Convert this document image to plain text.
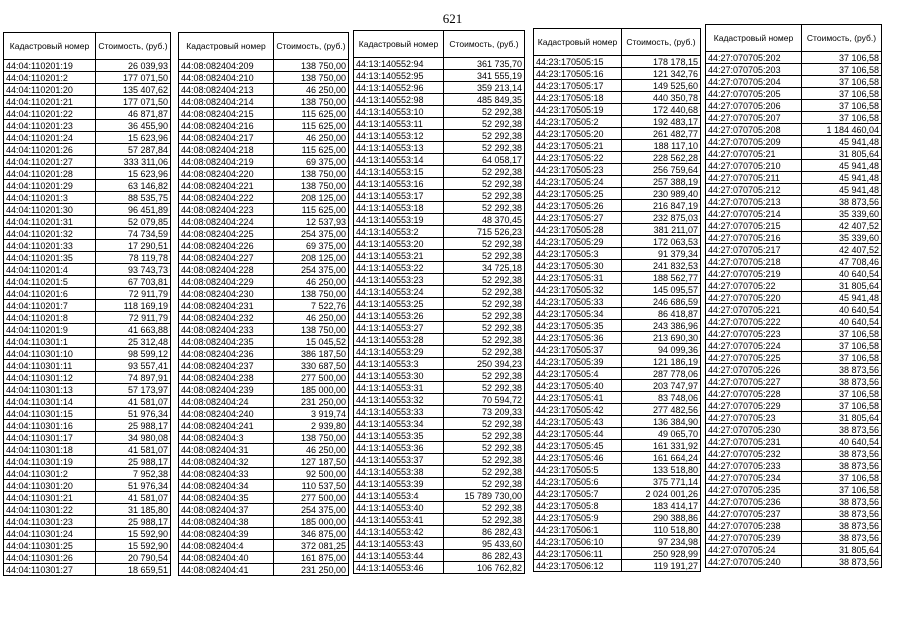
621
Кадастровый номер	Стоимость, (руб.)
44:04:110201:19	26 039,93
44:04:110201:2	177 071,50
44:04:110201:20	135 407,62
44:04:110201:21	177 071,50
44:04:110201:22	46 871,87
44:04:110201:23	36 455,90
44:04:110201:24	15 623,96
44:04:110201:26	57 287,84
44:04:110201:27	333 311,06
44:04:110201:28	15 623,96
44:04:110201:29	63 146,82
44:04:110201:3	88 535,75
44:04:110201:30	96 451,89
44:04:110201:31	52 079,85
44:04:110201:32	74 734,59
44:04:110201:33	17 290,51
44:04:110201:35	78 119,78
44:04:110201:4	93 743,73
44:04:110201:5	67 703,81
44:04:110201:6	72 911,79
44:04:110201:7	118 169,19
44:04:110201:8	72 911,79
44:04:110201:9	41 663,88
44:04:110301:1	25 312,48
44:04:110301:10	98 599,12
44:04:110301:11	93 557,41
44:04:110301:12	74 897,91
44:04:110301:13	57 173,97
44:04:110301:14	41 581,07
44:04:110301:15	51 976,34
44:04:110301:16	25 988,17
44:04:110301:17	34 980,08
44:04:110301:18	41 581,07
44:04:110301:19	25 988,17
44:04:110301:2	7 952,38
44:04:110301:20	51 976,34
44:04:110301:21	41 581,07
44:04:110301:22	31 185,80
44:04:110301:23	25 988,17
44:04:110301:24	15 592,90
44:04:110301:25	15 592,90
44:04:110301:26	20 790,54
44:04:110301:27	18 659,51
Кадастровый номер	Стоимость, (руб.)
44:08:082404:209	138 750,00
44:08:082404:210	138 750,00
44:08:082404:213	46 250,00
44:08:082404:214	138 750,00
44:08:082404:215	115 625,00
44:08:082404:216	115 625,00
44:08:082404:217	46 250,00
44:08:082404:218	115 625,00
44:08:082404:219	69 375,00
44:08:082404:220	138 750,00
44:08:082404:221	138 750,00
44:08:082404:222	208 125,00
44:08:082404:223	115 625,00
44:08:082404:224	12 537,93
44:08:082404:225	254 375,00
44:08:082404:226	69 375,00
44:08:082404:227	208 125,00
44:08:082404:228	254 375,00
44:08:082404:229	46 250,00
44:08:082404:230	138 750,00
44:08:082404:231	7 522,76
44:08:082404:232	46 250,00
44:08:082404:233	138 750,00
44:08:082404:235	15 045,52
44:08:082404:236	386 187,50
44:08:082404:237	330 687,50
44:08:082404:238	277 500,00
44:08:082404:239	185 000,00
44:08:082404:24	231 250,00
44:08:082404:240	3 919,74
44:08:082404:241	2 939,80
44:08:082404:3	138 750,00
44:08:082404:31	46 250,00
44:08:082404:32	127 187,50
44:08:082404:33	92 500,00
44:08:082404:34	110 537,50
44:08:082404:35	277 500,00
44:08:082404:37	254 375,00
44:08:082404:38	185 000,00
44:08:082404:39	346 875,00
44:08:082404:4	372 081,25
44:08:082404:40	161 875,00
44:08:082404:41	231 250,00
Кадастровый номер	Стоимость, (руб.)
44:13:140552:94	361 735,70
44:13:140552:95	341 555,19
44:13:140552:96	359 213,14
44:13:140552:98	485 849,35
44:13:140553:10	52 292,38
44:13:140553:11	52 292,38
44:13:140553:12	52 292,38
44:13:140553:13	52 292,38
44:13:140553:14	64 058,17
44:13:140553:15	52 292,38
44:13:140553:16	52 292,38
44:13:140553:17	52 292,38
44:13:140553:18	52 292,38
44:13:140553:19	48 370,45
44:13:140553:2	715 526,23
44:13:140553:20	52 292,38
44:13:140553:21	52 292,38
44:13:140553:22	34 725,18
44:13:140553:23	52 292,38
44:13:140553:24	52 292,38
44:13:140553:25	52 292,38
44:13:140553:26	52 292,38
44:13:140553:27	52 292,38
44:13:140553:28	52 292,38
44:13:140553:29	52 292,38
44:13:140553:3	250 394,23
44:13:140553:30	52 292,38
44:13:140553:31	52 292,38
44:13:140553:32	70 594,72
44:13:140553:33	73 209,33
44:13:140553:34	52 292,38
44:13:140553:35	52 292,38
44:13:140553:36	52 292,38
44:13:140553:37	52 292,38
44:13:140553:38	52 292,38
44:13:140553:39	52 292,38
44:13:140553:4	15 789 730,00
44:13:140553:40	52 292,38
44:13:140553:41	52 292,38
44:13:140553:42	86 282,43
44:13:140553:43	95 433,60
44:13:140553:44	86 282,43
44:13:140553:46	106 762,82
Кадастровый номер	Стоимость, (руб.)
44:23:170505:15	178 178,15
44:23:170505:16	121 342,76
44:23:170505:17	149 525,60
44:23:170505:18	440 350,78
44:23:170505:19	172 440,68
44:23:170505:2	192 483,17
44:23:170505:20	261 482,77
44:23:170505:21	188 117,10
44:23:170505:22	228 562,28
44:23:170505:23	256 759,64
44:23:170505:24	257 388,19
44:23:170505:25	230 989,40
44:23:170505:26	216 847,19
44:23:170505:27	232 875,03
44:23:170505:28	381 211,07
44:23:170505:29	172 063,53
44:23:170505:3	91 379,34
44:23:170505:30	241 832,53
44:23:170505:31	188 562,77
44:23:170505:32	145 095,57
44:23:170505:33	246 686,59
44:23:170505:34	86 418,87
44:23:170505:35	243 386,96
44:23:170505:36	213 690,30
44:23:170505:37	94 099,36
44:23:170505:39	121 186,19
44:23:170505:4	287 778,06
44:23:170505:40	203 747,97
44:23:170505:41	83 748,06
44:23:170505:42	277 482,56
44:23:170505:43	136 384,90
44:23:170505:44	49 065,70
44:23:170505:45	161 331,92
44:23:170505:46	161 664,24
44:23:170505:5	133 518,80
44:23:170505:6	375 771,14
44:23:170505:7	2 024 001,26
44:23:170505:8	183 414,17
44:23:170505:9	290 388,86
44:23:170506:1	110 518,80
44:23:170506:10	97 234,98
44:23:170506:11	250 928,99
44:23:170506:12	119 191,27
Кадастровый номер	Стоимость, (руб.)
44:27:070705:202	37 106,58
44:27:070705:203	37 106,58
44:27:070705:204	37 106,58
44:27:070705:205	37 106,58
44:27:070705:206	37 106,58
44:27:070705:207	37 106,58
44:27:070705:208	1 184 460,04
44:27:070705:209	45 941,48
44:27:070705:21	31 805,64
44:27:070705:210	45 941,48
44:27:070705:211	45 941,48
44:27:070705:212	45 941,48
44:27:070705:213	38 873,56
44:27:070705:214	35 339,60
44:27:070705:215	42 407,52
44:27:070705:216	35 339,60
44:27:070705:217	42 407,52
44:27:070705:218	47 708,46
44:27:070705:219	40 640,54
44:27:070705:22	31 805,64
44:27:070705:220	45 941,48
44:27:070705:221	40 640,54
44:27:070705:222	40 640,54
44:27:070705:223	37 106,58
44:27:070705:224	37 106,58
44:27:070705:225	37 106,58
44:27:070705:226	38 873,56
44:27:070705:227	38 873,56
44:27:070705:228	37 106,58
44:27:070705:229	37 106,58
44:27:070705:23	31 805,64
44:27:070705:230	38 873,56
44:27:070705:231	40 640,54
44:27:070705:232	38 873,56
44:27:070705:233	38 873,56
44:27:070705:234	37 106,58
44:27:070705:235	37 106,58
44:27:070705:236	38 873,56
44:27:070705:237	38 873,56
44:27:070705:238	38 873,56
44:27:070705:239	38 873,56
44:27:070705:24	31 805,64
44:27:070705:240	38 873,56
